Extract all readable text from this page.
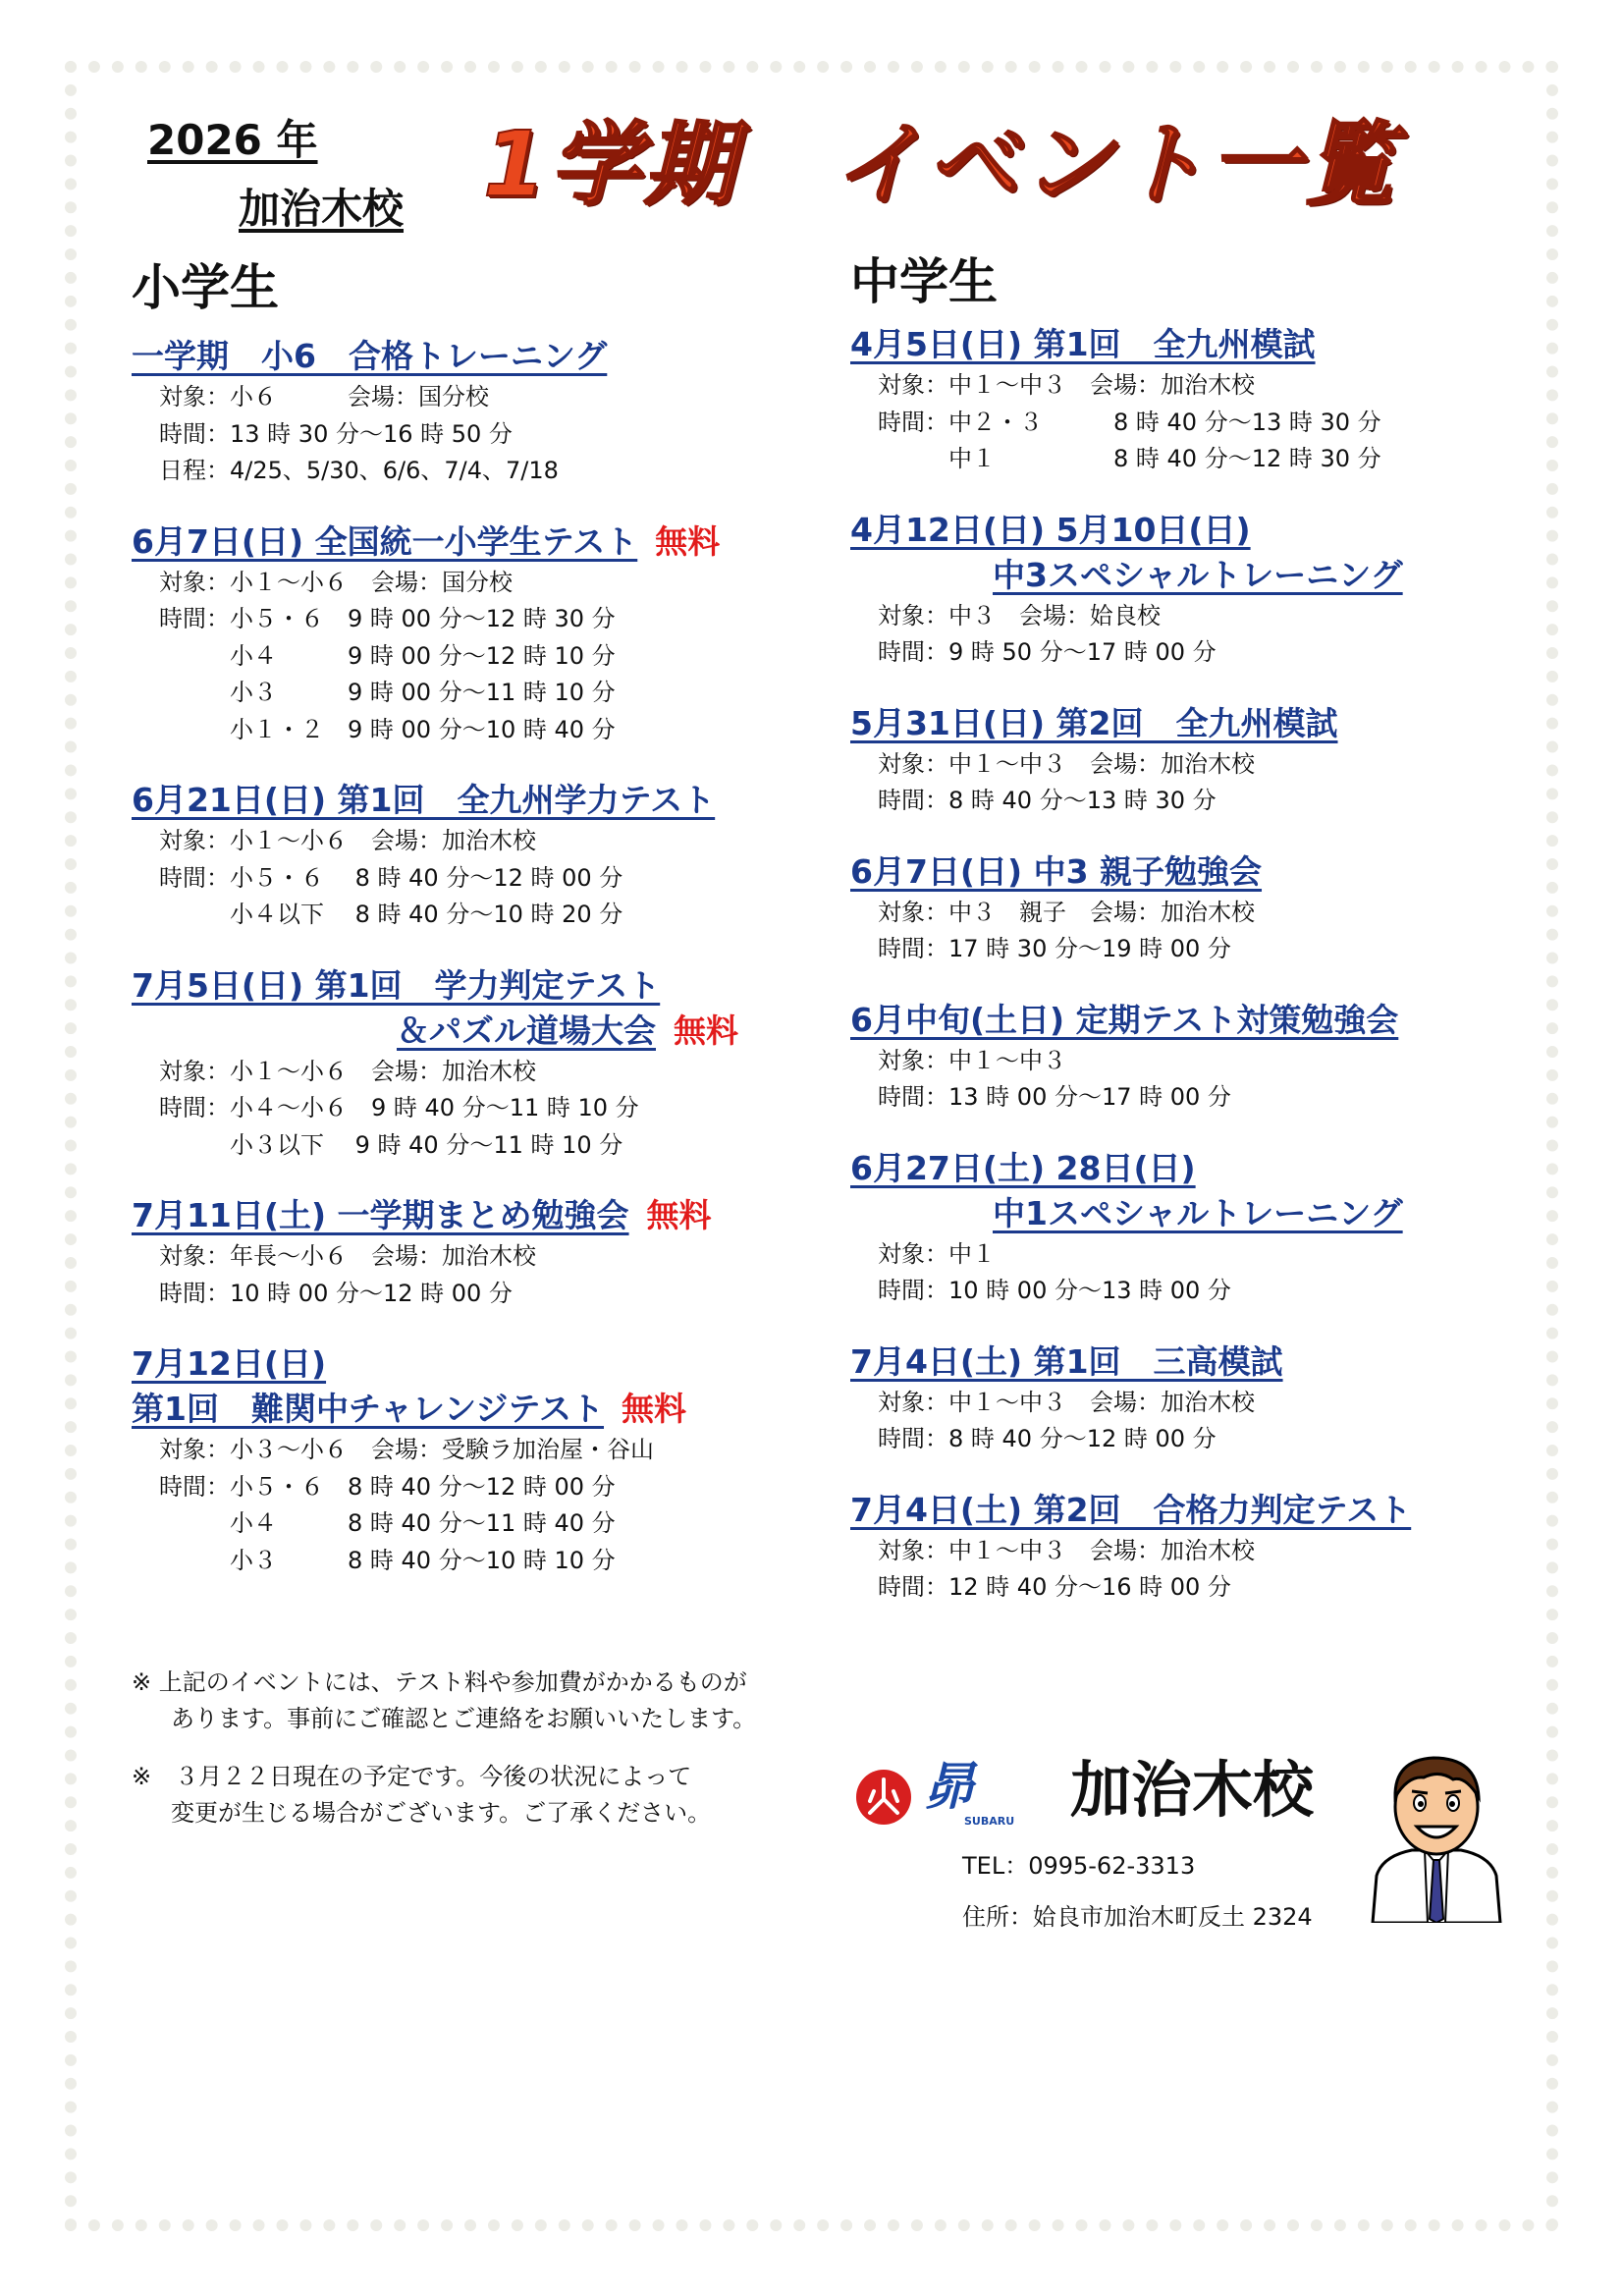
2026 年
加治木校 1学期　イベント一覧
小学生	中学生
一学期　小6　合格トレーニング
対象：小６　　　会場：国分校
時間：13 時 30 分～16 時 50 分
日程：4/25、5/30、6/6、7/4、7/18
6月7日(日) 全国統一小学生テスト 無料
対象：小１～小６　会場：国分校
時間：小５・６　9 時 00 分～12 時 30 分
　　　小４　　　9 時 00 分～12 時 10 分
　　　小３　　　9 時 00 分～11 時 10 分
　　　小１・２　9 時 00 分～10 時 40 分
6月21日(日) 第1回　全九州学力テスト
対象：小１～小６　会場：加治木校
時間：小５・６　 8 時 40 分～12 時 00 分
　　　小４以下　 8 時 40 分～10 時 20 分
7月5日(日) 第1回　学力判定テスト
＆パズル道場大会 無料
対象：小１～小６　会場：加治木校
時間：小４～小６　9 時 40 分～11 時 10 分
　　　小３以下　 9 時 40 分～11 時 10 分
7月11日(土) 一学期まとめ勉強会 無料
対象：年長～小６　会場：加治木校
時間：10 時 00 分～12 時 00 分
7月12日(日)
第1回　難関中チャレンジテスト 無料
対象：小３～小６　会場：受験ラ加治屋・谷山
時間：小５・６　8 時 40 分～12 時 00 分
　　　小４　　　8 時 40 分～11 時 40 分
　　　小３　　　8 時 40 分～10 時 10 分
4月5日(日) 第1回　全九州模試
対象：中１～中３　会場：加治木校
時間：中２・３　　　8 時 40 分～13 時 30 分
　　　中１　　　　　8 時 40 分～12 時 30 分
4月12日(日) 5月10日(日)
中3スペシャルトレーニング
対象：中３　会場：姶良校
時間：9 時 50 分～17 時 00 分
5月31日(日) 第2回　全九州模試
対象：中１～中３　会場：加治木校
時間：8 時 40 分～13 時 30 分
6月7日(日) 中3 親子勉強会
対象：中３　親子　会場：加治木校
時間：17 時 30 分～19 時 00 分
6月中旬(土日) 定期テスト対策勉強会
対象：中１～中３
時間：13 時 00 分～17 時 00 分
6月27日(土) 28日(日)
中1スペシャルトレーニング
対象：中１
時間：10 時 00 分～13 時 00 分
7月4日(土) 第1回　三高模試
対象：中１～中３　会場：加治木校
時間：8 時 40 分～12 時 00 分
7月4日(土) 第2回　合格力判定テスト
対象：中１～中３　会場：加治木校
時間：12 時 40 分～16 時 00 分
※ 上記のイベントには、テスト料や参加費がかかるものが
あります。事前にご確認とご連絡をお願いいたします。
※　３月２２日現在の予定です。今後の状況によって
変更が生じる場合がございます。ご了承ください。	昴
SUBARU 加治木校
TEL：0995-62-3313
住所：姶良市加治木町反土 2324
